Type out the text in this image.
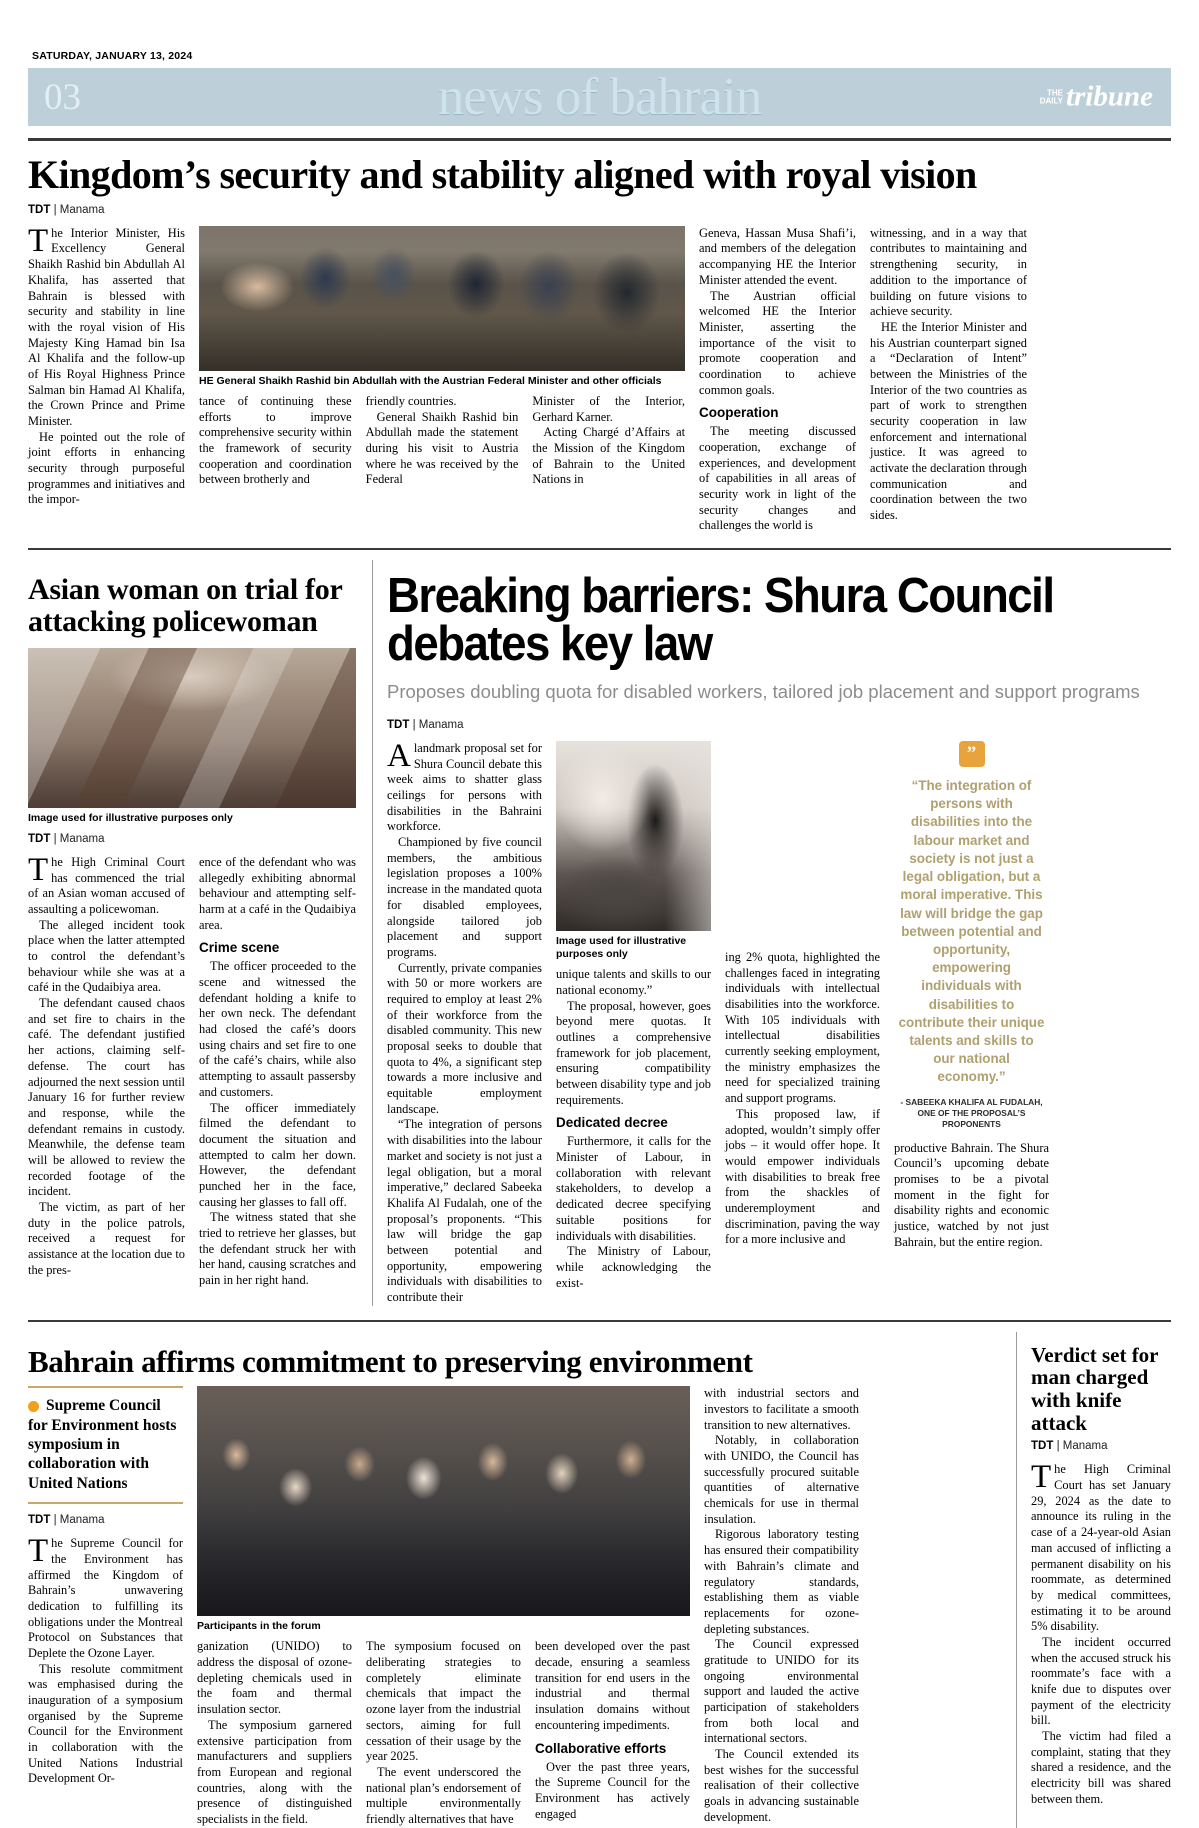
SATURDAY, JANUARY 13, 2024
03	news of bahrain	THE
DAILY tribune
Kingdom’s security and stability aligned with royal vision
TDT | Manama

The Interior Minister, His Excellency General Shaikh Rashid bin Abdullah Al Khalifa, has asserted that Bahrain is blessed with security and stability in line with the royal vision of His Majesty King Hamad bin Isa Al Khalifa and the follow-up of His Royal Highness Prince Salman bin Hamad Al Khalifa, the Crown Prince and Prime Minister.

He pointed out the role of joint efforts in enhancing security through purposeful programmes and initiatives and the impor-

HE General Shaikh Rashid bin Abdullah with the Austrian Federal Minister and other officials

tance of continuing these efforts to improve comprehensive security within the framework of security cooperation and coordination between brotherly and

friendly countries.

General Shaikh Rashid bin Abdullah made the statement during his visit to Austria where he was received by the Federal

Minister of the Interior, Gerhard Karner.

Acting Chargé d’Affairs at the Mission of the Kingdom of Bahrain to the United Nations in

Geneva, Hassan Musa Shafi’i, and members of the delegation accompanying HE the Interior Minister attended the event.

The Austrian official welcomed HE the Interior Minister, asserting the importance of the visit to promote cooperation and coordination to achieve common goals.

Cooperation

The meeting discussed cooperation, exchange of experiences, and development of capabilities in all areas of security work in light of the security changes and challenges the world is

witnessing, and in a way that contributes to maintaining and strengthening security, in addition to the importance of building on future visions to achieve security.

HE the Interior Minister and his Austrian counterpart signed a “Declaration of Intent” between the Ministries of the Interior of the two countries as part of work to strengthen security cooperation in law enforcement and international justice. It was agreed to activate the declaration through communication and coordination between the two sides.

Asian woman on trial for attacking policewoman
Image used for illustrative purposes only
TDT | Manama

The High Criminal Court has commenced the trial of an Asian woman accused of assaulting a policewoman.

The alleged incident took place when the latter attempted to control the defendant’s behaviour while she was at a café in the Qudaibiya area.

The defendant caused chaos and set fire to chairs in the café. The defendant justified her actions, claiming self-defense. The court has adjourned the next session until January 16 for further review and response, while the defendant remains in custody. Meanwhile, the defense team will be allowed to review the recorded footage of the incident.

The victim, as part of her duty in the police patrols, received a request for assistance at the location due to the pres-

ence of the defendant who was allegedly exhibiting abnormal behaviour and attempting self-harm at a café in the Qudaibiya area.

Crime scene

The officer proceeded to the scene and witnessed the defendant holding a knife to her own neck. The defendant had closed the café’s doors using chairs and set fire to one of the café’s chairs, while also attempting to assault passersby and customers.

The officer immediately filmed the defendant to document the situation and attempted to calm her down. However, the defendant punched her in the face, causing her glasses to fall off.

The witness stated that she tried to retrieve her glasses, but the defendant struck her with her hand, causing scratches and pain in her right hand.

Breaking barriers: Shura Council debates key law
Proposes doubling quota for disabled workers, tailored job placement and support programs
TDT | Manama

Alandmark proposal set for Shura Council debate this week aims to shatter glass ceilings for persons with disabilities in the Bahraini workforce.

Championed by five council members, the ambitious legislation proposes a 100% increase in the mandated quota for disabled employees, alongside tailored job placement and support programs.

Currently, private companies with 50 or more workers are required to employ at least 2% of their workforce from the disabled community. This new proposal seeks to double that quota to 4%, a significant step towards a more inclusive and equitable employment landscape.

“The integration of persons with disabilities into the labour market and society is not just a legal obligation, but a moral imperative,” declared Sabeeka Khalifa Al Fudalah, one of the proposal’s proponents. “This law will bridge the gap between potential and opportunity, empowering individuals with disabilities to contribute their

Image used for illustrative purposes only

unique talents and skills to our national economy.”

The proposal, however, goes beyond mere quotas. It outlines a comprehensive framework for job placement, ensuring compatibility between disability type and job requirements.

Dedicated decree

Furthermore, it calls for the Minister of Labour, in collaboration with relevant stakeholders, to develop a dedicated decree specifying suitable positions for individuals with disabilities.

The Ministry of Labour, while acknowledging the exist-

ing 2% quota, highlighted the challenges faced in integrating individuals with intellectual disabilities into the workforce. With 105 individuals with intellectual disabilities currently seeking employment, the ministry emphasizes the need for specialized training and support programs.

This proposed law, if adopted, wouldn’t simply offer jobs – it would offer hope. It would empower individuals with disabilities to break free from the shackles of underemployment and discrimination, paving the way for a more inclusive and

”
“The integration of persons with disabilities into the labour market and society is not just a legal obligation, but a moral imperative. This law will bridge the gap between potential and opportunity, empowering individuals with disabilities to contribute their unique talents and skills to our national economy.”
- SABEEKA KHALIFA AL FUDALAH, ONE OF THE PROPOSAL’S PROPONENTS

productive Bahrain. The Shura Council’s upcoming debate promises to be a pivotal moment in the fight for disability rights and economic justice, watched by not just Bahrain, but the entire region.

Bahrain affirms commitment to preserving environment
Supreme Council for Environment hosts symposium in collaboration with United Nations
TDT | Manama

The Supreme Council for the Environment has affirmed the Kingdom of Bahrain’s unwavering dedication to fulfilling its obligations under the Montreal Protocol on Substances that Deplete the Ozone Layer.

This resolute commitment was emphasised during the inauguration of a symposium organised by the Supreme Council for the Environment in collaboration with the United Nations Industrial Development Or-

Participants in the forum

ganization (UNIDO) to address the disposal of ozone-depleting chemicals used in the foam and thermal insulation sector.

The symposium garnered extensive participation from manufacturers and suppliers from European and regional countries, along with the presence of distinguished specialists in the field.

The symposium focused on deliberating strategies to completely eliminate chemicals that impact the ozone layer from the industrial sectors, aiming for full cessation of their usage by the year 2025.

The event underscored the national plan’s endorsement of multiple environmentally friendly alternatives that have

been developed over the past decade, ensuring a seamless transition for end users in the industrial and thermal insulation domains without encountering impediments.

Collaborative efforts

Over the past three years, the Supreme Council for the Environment has actively engaged

with industrial sectors and investors to facilitate a smooth transition to new alternatives.

Notably, in collaboration with UNIDO, the Council has successfully procured suitable quantities of alternative chemicals for use in thermal insulation.

Rigorous laboratory testing has ensured their compatibility with Bahrain’s climate and regulatory standards, establishing them as viable replacements for ozone-depleting substances.

The Council expressed gratitude to UNIDO for its ongoing environmental support and lauded the active participation of stakeholders from both local and international sectors.

The Council extended its best wishes for the successful realisation of their collective goals in advancing sustainable development.

Verdict set for man charged with knife attack
TDT | Manama

The High Criminal Court has set January 29, 2024 as the date to announce its ruling in the case of a 24-year-old Asian man accused of inflicting a permanent disability on his roommate, as determined by medical committees, estimating it to be around 5% disability.

The incident occurred when the accused struck his roommate’s face with a knife due to disputes over payment of the electricity bill.

The victim had filed a complaint, stating that they shared a residence, and the electricity bill was shared between them.
